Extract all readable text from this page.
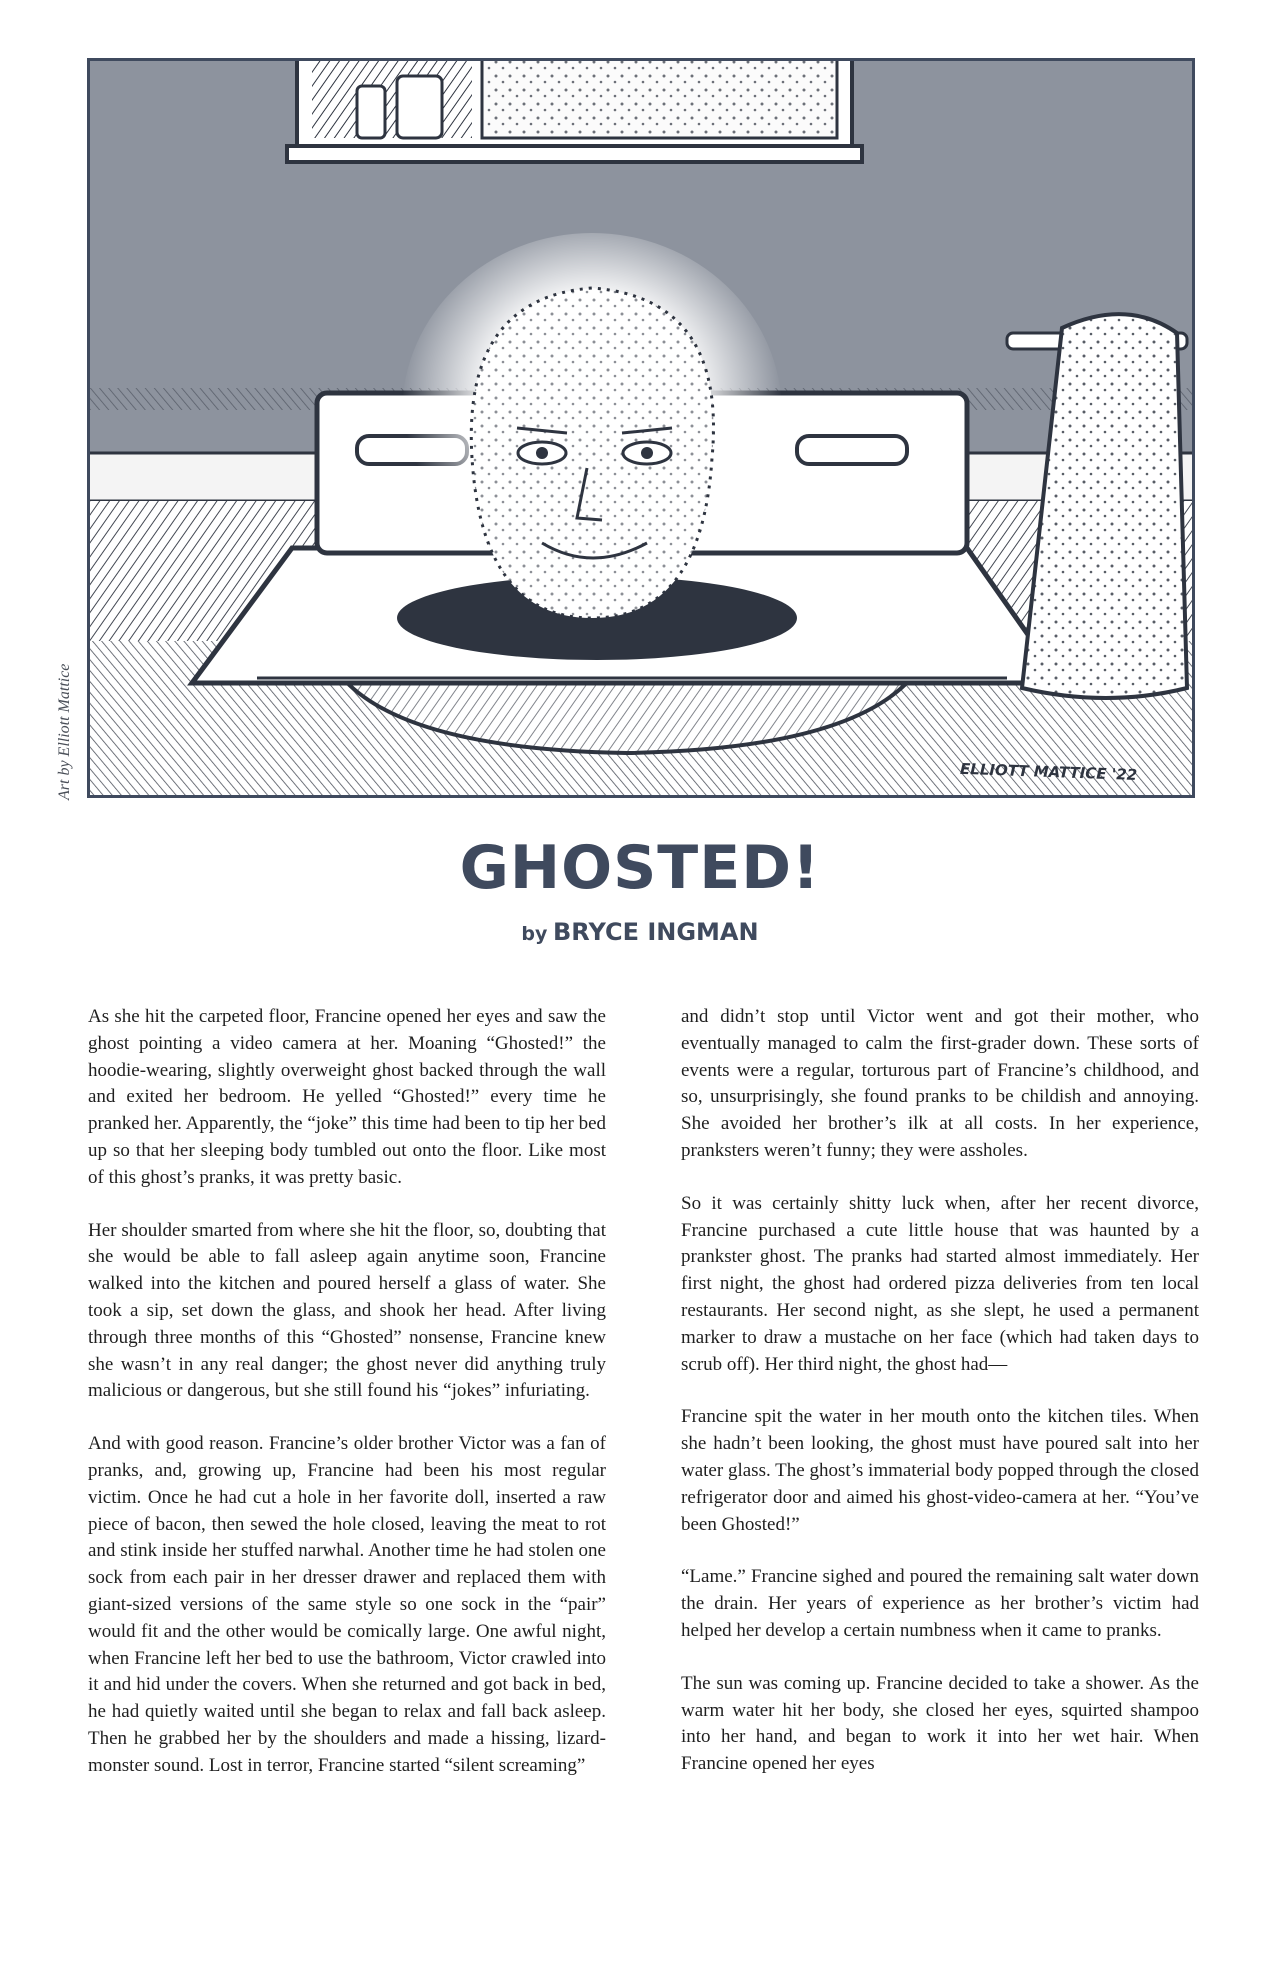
ELLIOTT MATTICE '22
Art by Elliott Mattice
GHOSTED!
by BRYCE INGMAN

As she hit the carpeted floor, Francine opened her eyes and saw the ghost pointing a video camera at her. Moaning “Ghosted!” the hoodie-wearing, slightly overweight ghost backed through the wall and exited her bedroom. He yelled “Ghosted!” every time he pranked her. Apparently, the “joke” this time had been to tip her bed up so that her sleeping body tumbled out onto the floor. Like most of this ghost’s pranks, it was pretty basic.

Her shoulder smarted from where she hit the floor, so, doubting that she would be able to fall asleep again anytime soon, Francine walked into the kitchen and poured herself a glass of water. She took a sip, set down the glass, and shook her head. After living through three months of this “Ghosted” nonsense, Francine knew she wasn’t in any real danger; the ghost never did anything truly malicious or dangerous, but she still found his “jokes” infuriating.

And with good reason. Francine’s older brother Victor was a fan of pranks, and, growing up, Francine had been his most regular victim. Once he had cut a hole in her favorite doll, inserted a raw piece of bacon, then sewed the hole closed, leaving the meat to rot and stink inside her stuffed narwhal. Another time he had stolen one sock from each pair in her dresser drawer and replaced them with giant-sized versions of the same style so one sock in the “pair” would fit and the other would be comically large. One awful night, when Francine left her bed to use the bathroom, Victor crawled into it and hid under the covers. When she returned and got back in bed, he had quietly waited until she began to relax and fall back asleep. Then he grabbed her by the shoulders and made a hissing, lizard-monster sound. Lost in terror, Francine started “silent screaming”

and didn’t stop until Victor went and got their mother, who eventually managed to calm the first-grader down. These sorts of events were a regular, torturous part of Francine’s childhood, and so, unsurprisingly, she found pranks to be childish and annoying. She avoided her brother’s ilk at all costs. In her experience, pranksters weren’t funny; they were assholes.

So it was certainly shitty luck when, after her recent divorce, Francine purchased a cute little house that was haunted by a prankster ghost. The pranks had started almost immediately. Her first night, the ghost had ordered pizza deliveries from ten local restaurants. Her second night, as she slept, he used a permanent marker to draw a mustache on her face (which had taken days to scrub off). Her third night, the ghost had—

Francine spit the water in her mouth onto the kitchen tiles. When she hadn’t been looking, the ghost must have poured salt into her water glass. The ghost’s immaterial body popped through the closed refrigerator door and aimed his ghost-video-camera at her. “You’ve been Ghosted!”

“Lame.” Francine sighed and poured the remaining salt water down the drain. Her years of experience as her brother’s victim had helped her develop a certain numbness when it came to pranks.

The sun was coming up. Francine decided to take a shower. As the warm water hit her body, she closed her eyes, squirted shampoo into her hand, and began to work it into her wet hair. When Francine opened her eyes
